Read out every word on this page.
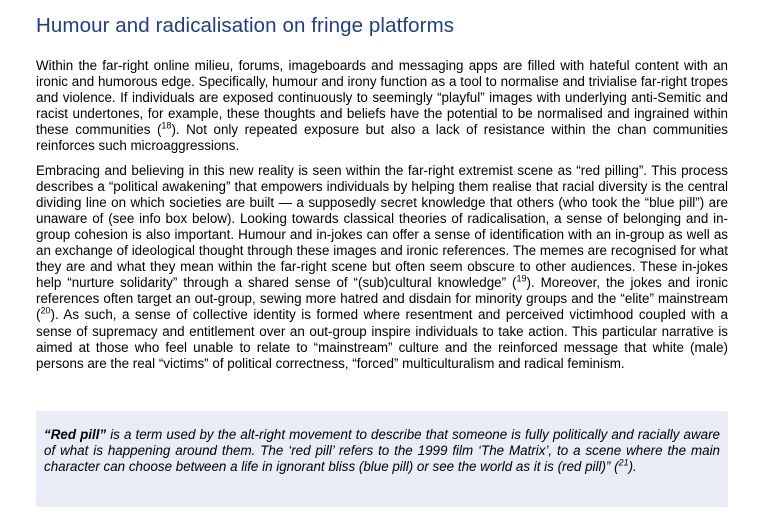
Humour and radicalisation on fringe platforms

Within the far-right online milieu, forums, imageboards and messaging apps are filled with hateful content with an ironic and humorous edge. Specifically, humour and irony function as a tool to normalise and trivialise far-right tropes and violence. If individuals are exposed continuously to seemingly “playful” images with underlying anti-Semitic and racist undertones, for example, these thoughts and beliefs have the potential to be normalised and ingrained within these communities ($^{18}$). Not only repeated exposure but also a lack of resistance within the chan communities reinforces such microaggressions.

Embracing and believing in this new reality is seen within the far-right extremist scene as “red pilling”. This process describes a “political awakening” that empowers individuals by helping them realise that racial diversity is the central dividing line on which societies are built — a supposedly secret knowledge that others (who took the “blue pill”) are unaware of (see info box below). Looking towards classical theories of radicalisation, a sense of belonging and in-group cohesion is also important. Humour and in-jokes can offer a sense of identification with an in-group as well as an exchange of ideological thought through these images and ironic references. The memes are recognised for what they are and what they mean within the far-right scene but often seem obscure to other audiences. These in-jokes help “nurture solidarity” through a shared sense of “(sub)cultural knowledge” ($^{19}$). Moreover, the jokes and ironic references often target an out-group, sewing more hatred and disdain for minority groups and the “elite” mainstream ($^{20}$). As such, a sense of collective identity is formed where resentment and perceived victimhood coupled with a sense of supremacy and entitlement over an out-group inspire individuals to take action. This particular narrative is aimed at those who feel unable to relate to “mainstream” culture and the reinforced message that white (male) persons are the real “victims” of political correctness, “forced” multiculturalism and radical feminism.

“Red pill” is a term used by the alt-right movement to describe that someone is fully politically and racially aware of what is happening around them. The ‘red pill’ refers to the 1999 film ‘The Matrix’, to a scene where the main character can choose between a life in ignorant bliss (blue pill) or see the world as it is (red pill)” ($^{21}$).
